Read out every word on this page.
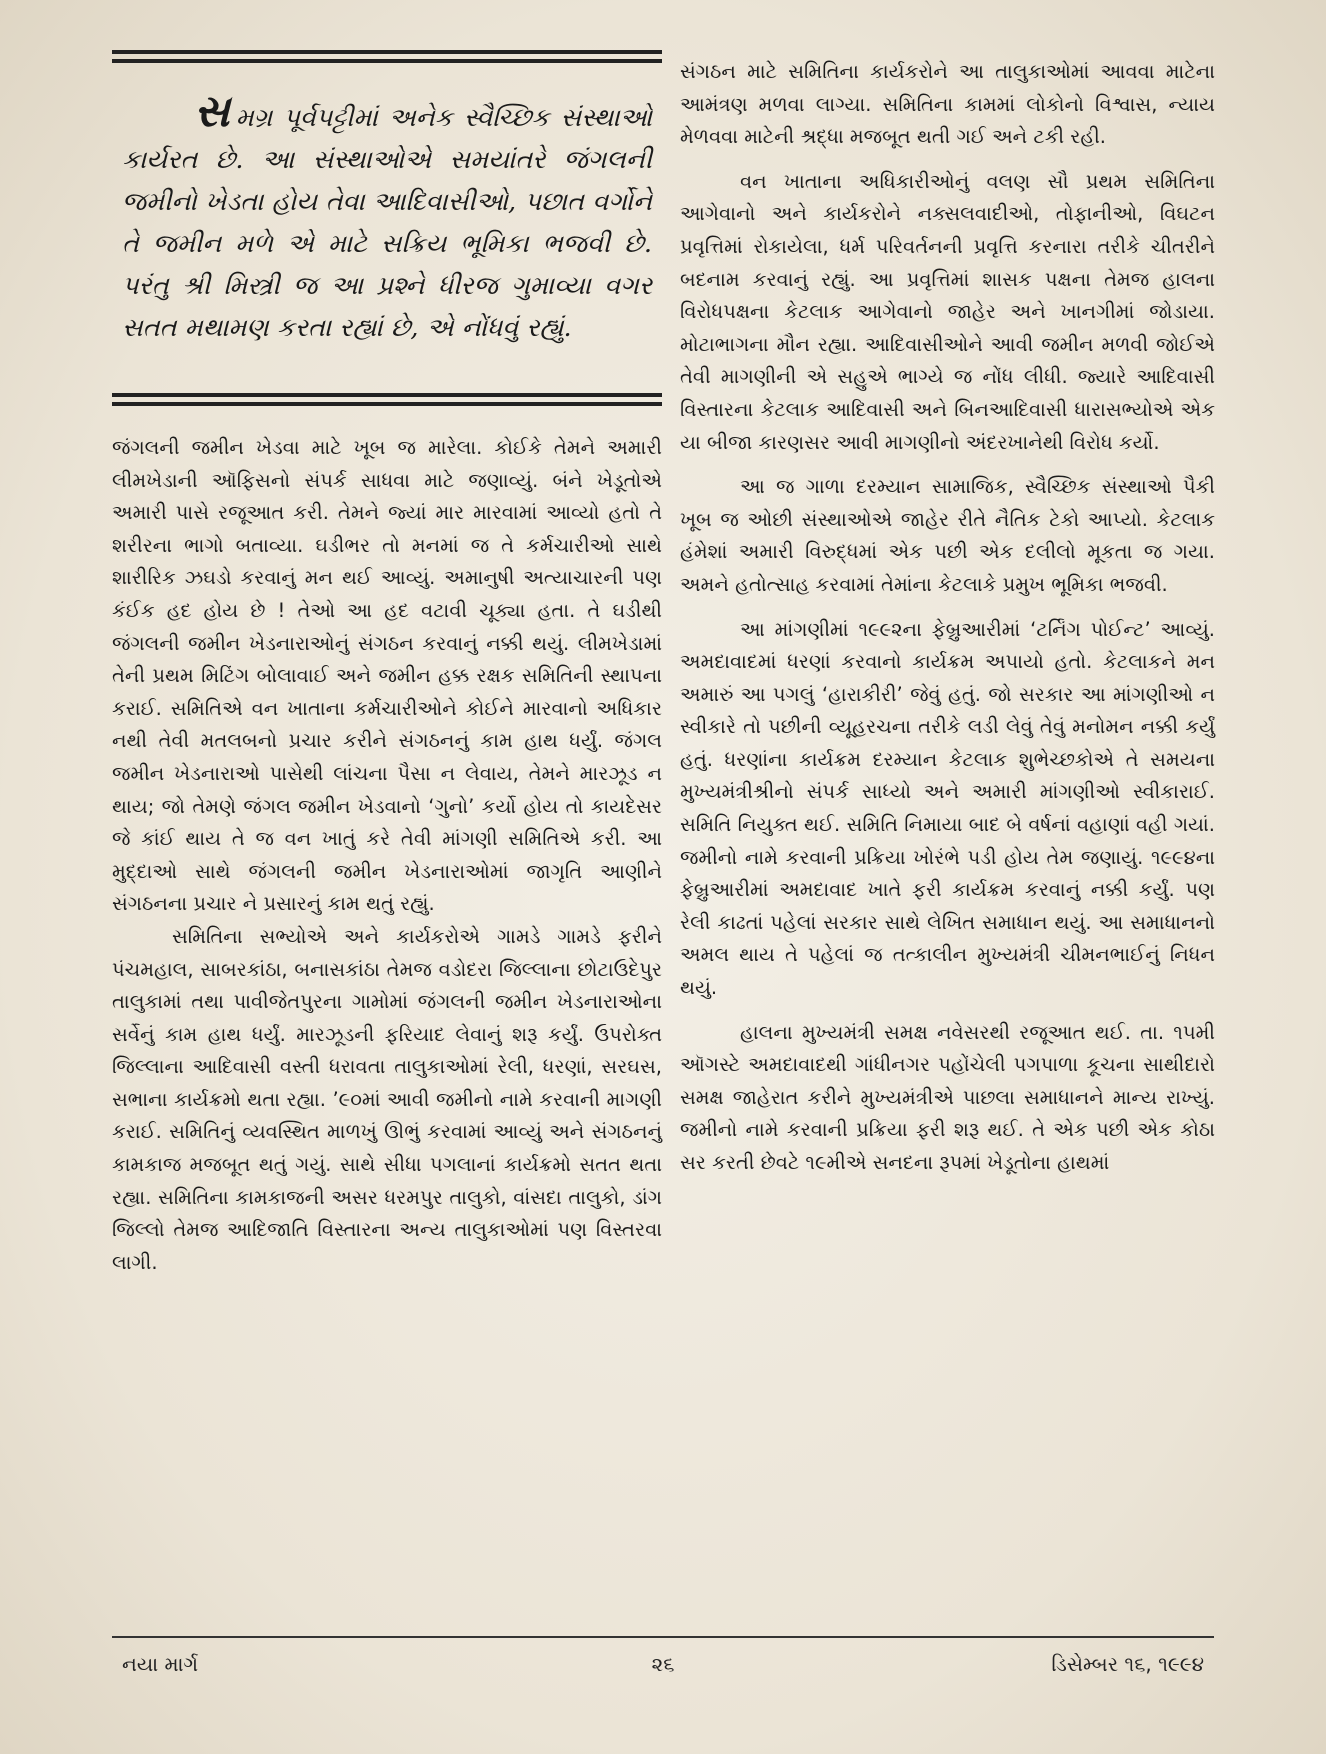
સમગ્ર પૂર્વપટ્ટીમાં અનેક સ્વૈચ્છિક સંસ્થાઓ કાર્યરત છે. આ સંસ્થાઓએ સમયાંતરે જંગલની જમીનો ખેડતા હોય તેવા આદિવાસીઓ, પછાત વર્ગોને તે જમીન મળે એ માટે સક્રિય ભૂમિકા ભજવી છે. પરંતુ શ્રી મિસ્ત્રી જ આ પ્રશ્ને ધીરજ ગુમાવ્યા વગર સતત મથામણ કરતા રહ્યાં છે, એ નોંધવું રહ્યું.

જંગલની જમીન ખેડવા માટે ખૂબ જ મારેલા. કોઈકે તેમને અમારી લીમખેડાની ઑફિસનો સંપર્ક સાધવા માટે જણાવ્યું. બંને ખેડૂતોએ અમારી પાસે રજૂઆત કરી. તેમને જ્યાં માર મારવામાં આવ્યો હતો તે શરીરના ભાગો બતાવ્યા. ઘડીભર તો મનમાં જ તે કર્મચારીઓ સાથે શારીરિક ઝઘડો કરવાનું મન થઈ આવ્યું. અમાનુષી અત્યાચારની પણ કંઈક હદ હોય છે ! તેઓ આ હદ વટાવી ચૂક્યા હતા. તે ઘડીથી જંગલની જમીન ખેડનારાઓનું સંગઠન કરવાનું નક્કી થયું. લીમખેડામાં તેની પ્રથમ મિટિંગ બોલાવાઈ અને જમીન હક્ક રક્ષક સમિતિની સ્થાપના કરાઈ. સમિતિએ વન ખાતાના કર્મચારીઓને કોઈને મારવાનો અધિકાર નથી તેવી મતલબનો પ્રચાર કરીને સંગઠનનું કામ હાથ ધર્યું. જંગલ જમીન ખેડનારાઓ પાસેથી લાંચના પૈસા ન લેવાય, તેમને મારઝૂડ ન થાય; જો તેમણે જંગલ જમીન ખેડવાનો ‘ગુનો’ કર્યો હોય તો કાયદેસર જે કાંઈ થાય તે જ વન ખાતું કરે તેવી માંગણી સમિતિએ કરી. આ મુદ્દાઓ સાથે જંગલની જમીન ખેડનારાઓમાં જાગૃતિ આણીને સંગઠનના પ્રચાર ને પ્રસારનું કામ થતું રહ્યું.

સમિતિના સભ્યોએ અને કાર્યકરોએ ગામડે ગામડે ફરીને પંચમહાલ, સાબરકાંઠા, બનાસકાંઠા તેમજ વડોદરા જિલ્લાના છોટાઉદેપુર તાલુકામાં તથા પાવીજેતપુરના ગામોમાં જંગલની જમીન ખેડનારાઓના સર્વેનું કામ હાથ ધર્યું. મારઝૂડની ફરિયાદ લેવાનું શરૂ કર્યું. ઉપરોક્ત જિલ્લાના આદિવાસી વસ્તી ધરાવતા તાલુકાઓમાં રેલી, ધરણાં, સરઘસ, સભાના કાર્યક્રમો થતા રહ્યા. ’૯૦માં આવી જમીનો નામે કરવાની માગણી કરાઈ. સમિતિનું વ્યવસ્થિત માળખું ઊભું કરવામાં આવ્યું અને સંગઠનનું કામકાજ મજબૂત થતું ગયું. સાથે સીધા પગલાનાં કાર્યક્રમો સતત થતા રહ્યા. સમિતિના કામકાજની અસર ધરમપુર તાલુકો, વાંસદા તાલુકો, ડાંગ જિલ્લો તેમજ આદિજાતિ વિસ્તારના અન્ય તાલુકાઓમાં પણ વિસ્તરવા લાગી.

સંગઠન માટે સમિતિના કાર્યકરોને આ તાલુકાઓમાં આવવા માટેના આમંત્રણ મળવા લાગ્યા. સમિતિના કામમાં લોકોનો વિશ્વાસ, ન્યાય મેળવવા માટેની શ્રદ્ધા મજબૂત થતી ગઈ અને ટકી રહી.

વન ખાતાના અધિકારીઓનું વલણ સૌ પ્રથમ સમિતિના આગેવાનો અને કાર્યકરોને નક્સલવાદીઓ, તોફાનીઓ, વિઘટન પ્રવૃત્તિમાં રોકાયેલા, ધર્મ પરિવર્તનની પ્રવૃત્તિ કરનારા તરીકે ચીતરીને બદનામ કરવાનું રહ્યું. આ પ્રવૃત્તિમાં શાસક પક્ષના તેમજ હાલના વિરોધપક્ષના કેટલાક આગેવાનો જાહેર અને ખાનગીમાં જોડાયા. મોટાભાગના મૌન રહ્યા. આદિવાસીઓને આવી જમીન મળવી જોઈએ તેવી માગણીની એ સહુએ ભાગ્યે જ નોંધ લીધી. જ્યારે આદિવાસી વિસ્તારના કેટલાક આદિવાસી અને બિનઆદિવાસી ધારાસભ્યોએ એક યા બીજા કારણસર આવી માગણીનો અંદરખાનેથી વિરોધ કર્યો.

આ જ ગાળા દરમ્યાન સામાજિક, સ્વૈચ્છિક સંસ્થાઓ પૈકી ખૂબ જ ઓછી સંસ્થાઓએ જાહેર રીતે નૈતિક ટેકો આપ્યો. કેટલાક હંમેશાં અમારી વિરુદ્ધમાં એક પછી એક દલીલો મૂકતા જ ગયા. અમને હતોત્સાહ કરવામાં તેમાંના કેટલાકે પ્રમુખ ભૂમિકા ભજવી.

આ માંગણીમાં ૧૯૯૨ના ફેબ્રુઆરીમાં ‘ટર્નિંગ પોઈન્ટ’ આવ્યું. અમદાવાદમાં ધરણાં કરવાનો કાર્યક્રમ અપાયો હતો. કેટલાકને મન અમારું આ પગલું ‘હારાકીરી’ જેવું હતું. જો સરકાર આ માંગણીઓ ન સ્વીકારે તો પછીની વ્યૂહરચના તરીકે લડી લેવું તેવું મનોમન નક્કી કર્યું હતું. ધરણાંના કાર્યક્રમ દરમ્યાન કેટલાક શુભેચ્છકોએ તે સમયના મુખ્યમંત્રીશ્રીનો સંપર્ક સાધ્યો અને અમારી માંગણીઓ સ્વીકારાઈ. સમિતિ નિયુક્ત થઈ. સમિતિ નિમાયા બાદ બે વર્ષનાં વહાણાં વહી ગયાં. જમીનો નામે કરવાની પ્રક્રિયા ખોરંભે પડી હોય તેમ જણાયું. ૧૯૯૪ના ફેબ્રુઆરીમાં અમદાવાદ ખાતે ફરી કાર્યક્રમ કરવાનું નક્કી કર્યું. પણ રેલી કાઢતાં પહેલાં સરકાર સાથે લેખિત સમાધાન થયું. આ સમાધાનનો અમલ થાય તે પહેલાં જ તત્કાલીન મુખ્યમંત્રી ચીમનભાઈનું નિધન થયું.

હાલના મુખ્યમંત્રી સમક્ષ નવેસરથી રજૂઆત થઈ. તા. ૧૫મી ઑગસ્ટે અમદાવાદથી ગાંધીનગર પહોંચેલી પગપાળા કૂચના સાથીદારો સમક્ષ જાહેરાત કરીને મુખ્યમંત્રીએ પાછલા સમાધાનને માન્ય રાખ્યું. જમીનો નામે કરવાની પ્રક્રિયા ફરી શરૂ થઈ. તે એક પછી એક કોઠા સર કરતી છેવટે ૧૯મીએ સનદના રૂપમાં ખેડૂતોના હાથમાં

નયા માર્ગ	૨૬	ડિસેમ્બર ૧૬, ૧૯૯૪
